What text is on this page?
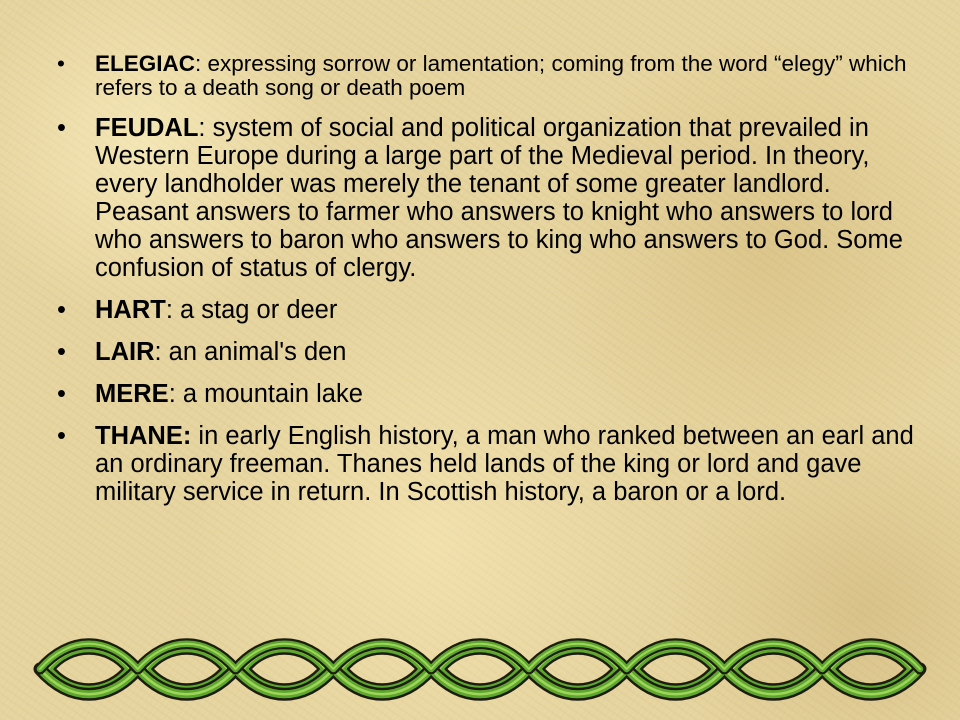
• ELEGIAC: expressing sorrow or lamentation; coming from the word “elegy” which refers to a death song or death poem
• FEUDAL: system of social and political organization that prevailed in Western Europe during a large part of the Medieval period. In theory, every landholder was merely the tenant of some greater landlord. Peasant answers to farmer who answers to knight who answers to lord who answers to baron who answers to king who answers to God. Some confusion of status of clergy.
• HART: a stag or deer
• LAIR: an animal's den
• MERE: a mountain lake
• THANE: in early English history, a man who ranked between an earl and an ordinary freeman. Thanes held lands of the king or lord and gave military service in return. In Scottish history, a baron or a lord.
